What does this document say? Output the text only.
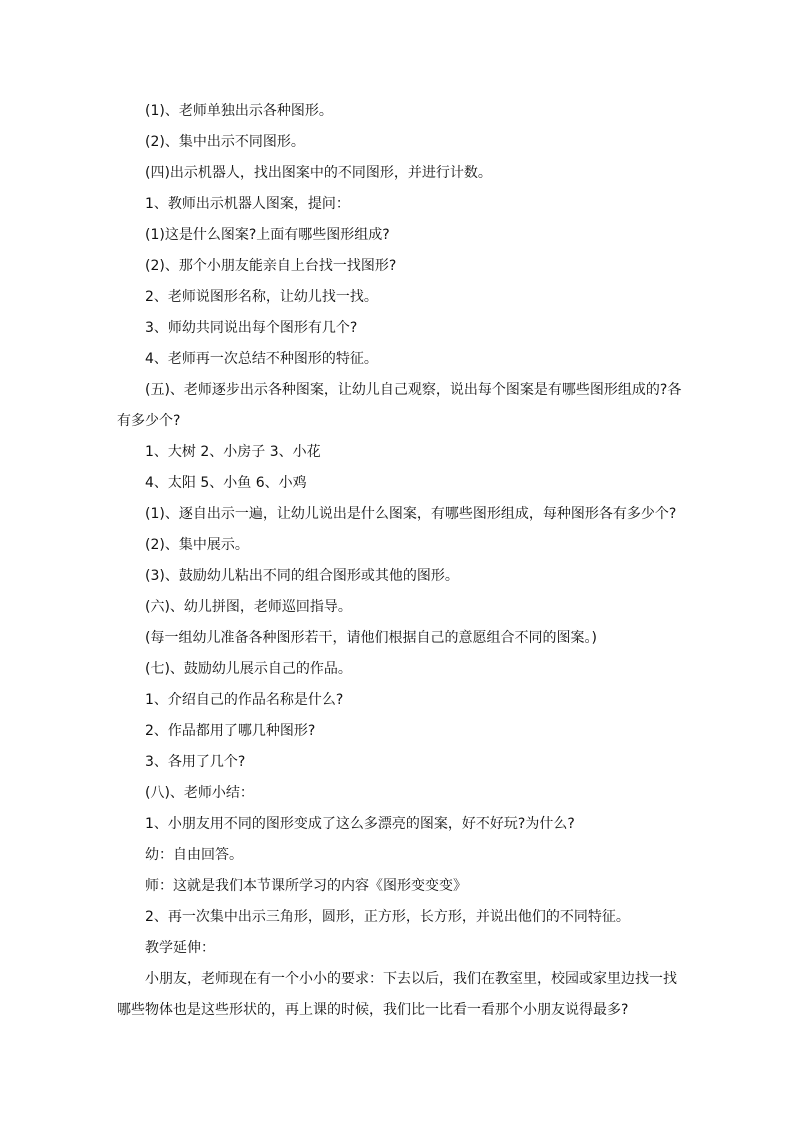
(1)、老师单独出示各种图形。

(2)、集中出示不同图形。

(四)出示机器人，找出图案中的不同图形，并进行计数。

1、教师出示机器人图案，提问：

(1)这是什么图案?上面有哪些图形组成?

(2)、那个小朋友能亲自上台找一找图形?

2、老师说图形名称，让幼儿找一找。

3、师幼共同说出每个图形有几个?

4、老师再一次总结不种图形的特征。

(五)、老师逐步出示各种图案，让幼儿自己观察，说出每个图案是有哪些图形组成的?各有多少个?

1、大树 2、小房子 3、小花

4、太阳 5、小鱼 6、小鸡

(1)、逐自出示一遍，让幼儿说出是什么图案，有哪些图形组成，每种图形各有多少个?

(2)、集中展示。

(3)、鼓励幼儿粘出不同的组合图形或其他的图形。

(六)、幼儿拼图，老师巡回指导。

(每一组幼儿准备各种图形若干，请他们根据自己的意愿组合不同的图案。)

(七)、鼓励幼儿展示自己的作品。

1、介绍自己的作品名称是什么?

2、作品都用了哪几种图形?

3、各用了几个?

(八)、老师小结：

1、小朋友用不同的图形变成了这么多漂亮的图案，好不好玩?为什么?

幼：自由回答。

师：这就是我们本节课所学习的内容《图形变变变》

2、再一次集中出示三角形，圆形，正方形，长方形，并说出他们的不同特征。

教学延伸：

小朋友，老师现在有一个小小的要求：下去以后，我们在教室里，校园或家里边找一找哪些物体也是这些形状的，再上课的时候，我们比一比看一看那个小朋友说得最多?
